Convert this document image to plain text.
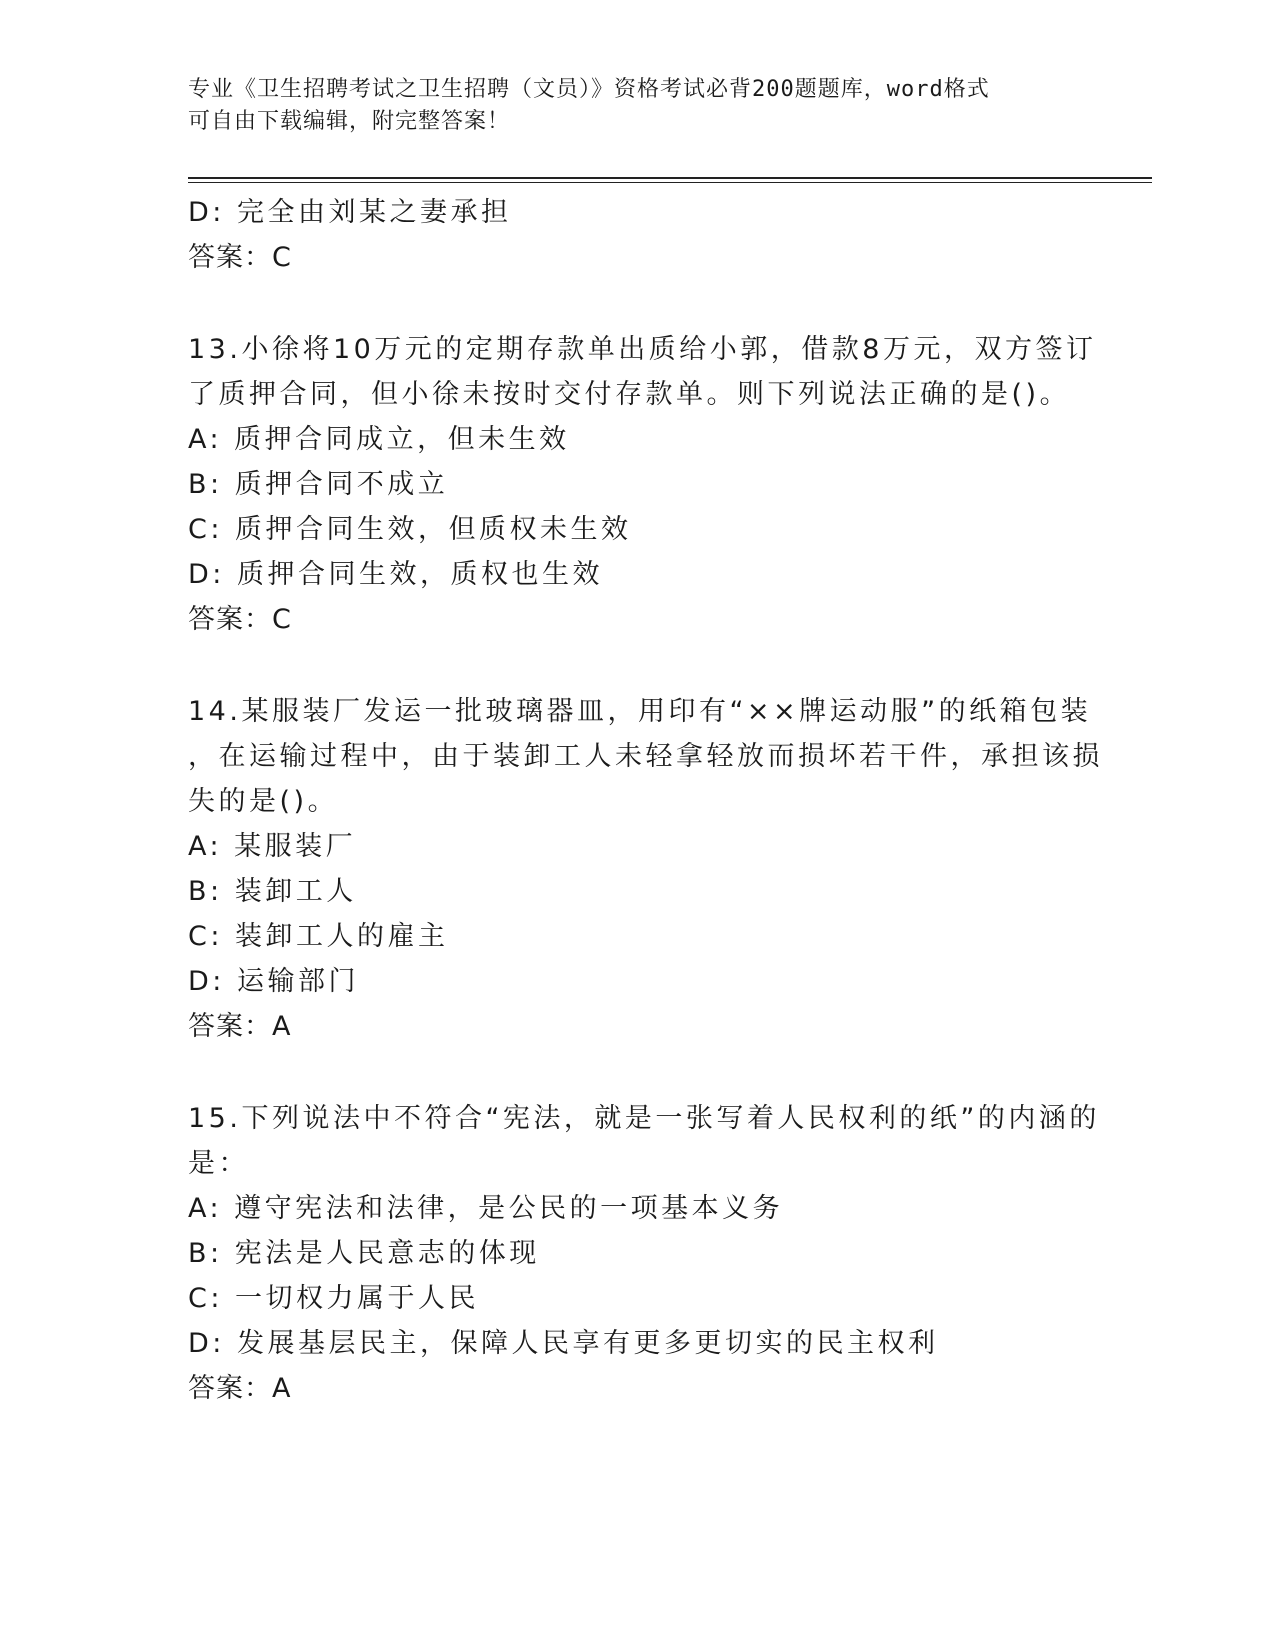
专业《卫生招聘考试之卫生招聘（文员）》资格考试必背200题题库，word格式
可自由下载编辑，附完整答案！
D: 完全由刘某之妻承担
答案：C
13.小徐将10万元的定期存款单出质给小郭，借款8万元，双方签订
了质押合同，但小徐未按时交付存款单。则下列说法正确的是()。
A: 质押合同成立，但未生效
B: 质押合同不成立
C: 质押合同生效，但质权未生效
D: 质押合同生效，质权也生效
答案：C
14.某服装厂发运一批玻璃器皿，用印有“××牌运动服”的纸箱包装
，在运输过程中，由于装卸工人未轻拿轻放而损坏若干件，承担该损
失的是()。
A: 某服装厂
B: 装卸工人
C: 装卸工人的雇主
D: 运输部门
答案：A
15.下列说法中不符合“宪法，就是一张写着人民权利的纸”的内涵的
是：
A: 遵守宪法和法律，是公民的一项基本义务
B: 宪法是人民意志的体现
C: 一切权力属于人民
D: 发展基层民主，保障人民享有更多更切实的民主权利
答案：A
